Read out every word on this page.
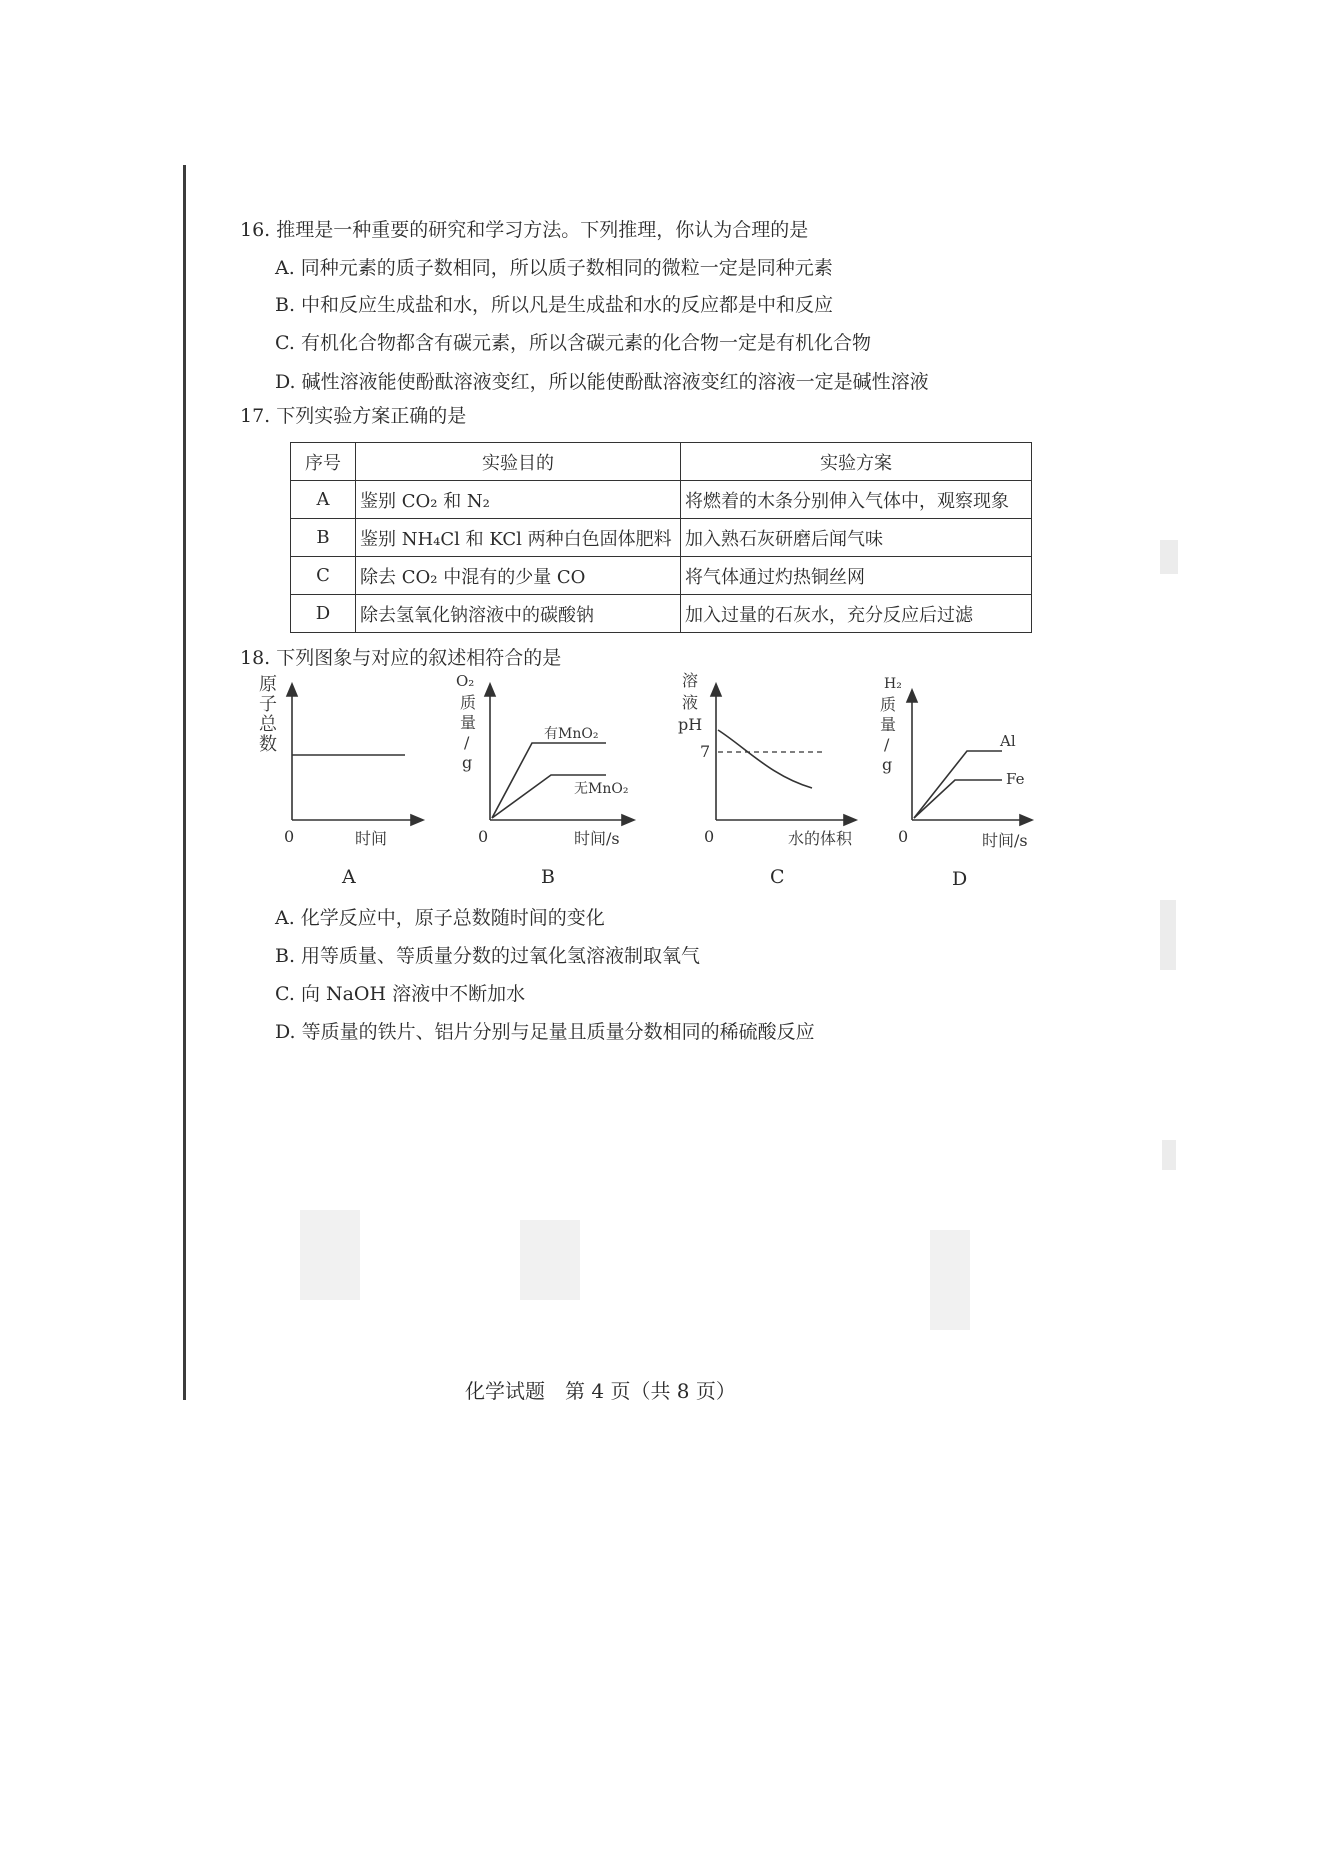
16. 推理是一种重要的研究和学习方法。下列推理，你认为合理的是
A. 同种元素的质子数相同，所以质子数相同的微粒一定是同种元素
B. 中和反应生成盐和水，所以凡是生成盐和水的反应都是中和反应
C. 有机化合物都含有碳元素，所以含碳元素的化合物一定是有机化合物
D. 碱性溶液能使酚酞溶液变红，所以能使酚酞溶液变红的溶液一定是碱性溶液
17. 下列实验方案正确的是
序号	实验目的	实验方案
A	鉴别 CO₂ 和 N₂	将燃着的木条分别伸入气体中，观察现象
B	鉴别 NH₄Cl 和 KCl 两种白色固体肥料	加入熟石灰研磨后闻气味
C	除去 CO₂ 中混有的少量 CO	将气体通过灼热铜丝网
D	除去氢氧化钠溶液中的碳酸钠	加入过量的石灰水，充分反应后过滤
18. 下列图象与对应的叙述相符合的是
原
子
总
数
0	时间
A
O₂
质
量
/
g
有MnO₂
无MnO₂
0	时间/s
B
溶
液
pH
7
0	水的体积
C
H₂
质
量
/
g
Al
Fe
0	时间/s
D
A. 化学反应中，原子总数随时间的变化
B. 用等质量、等质量分数的过氧化氢溶液制取氧气
C. 向 NaOH 溶液中不断加水
D. 等质量的铁片、铝片分别与足量且质量分数相同的稀硫酸反应
化学试题　第 4 页（共 8 页）
